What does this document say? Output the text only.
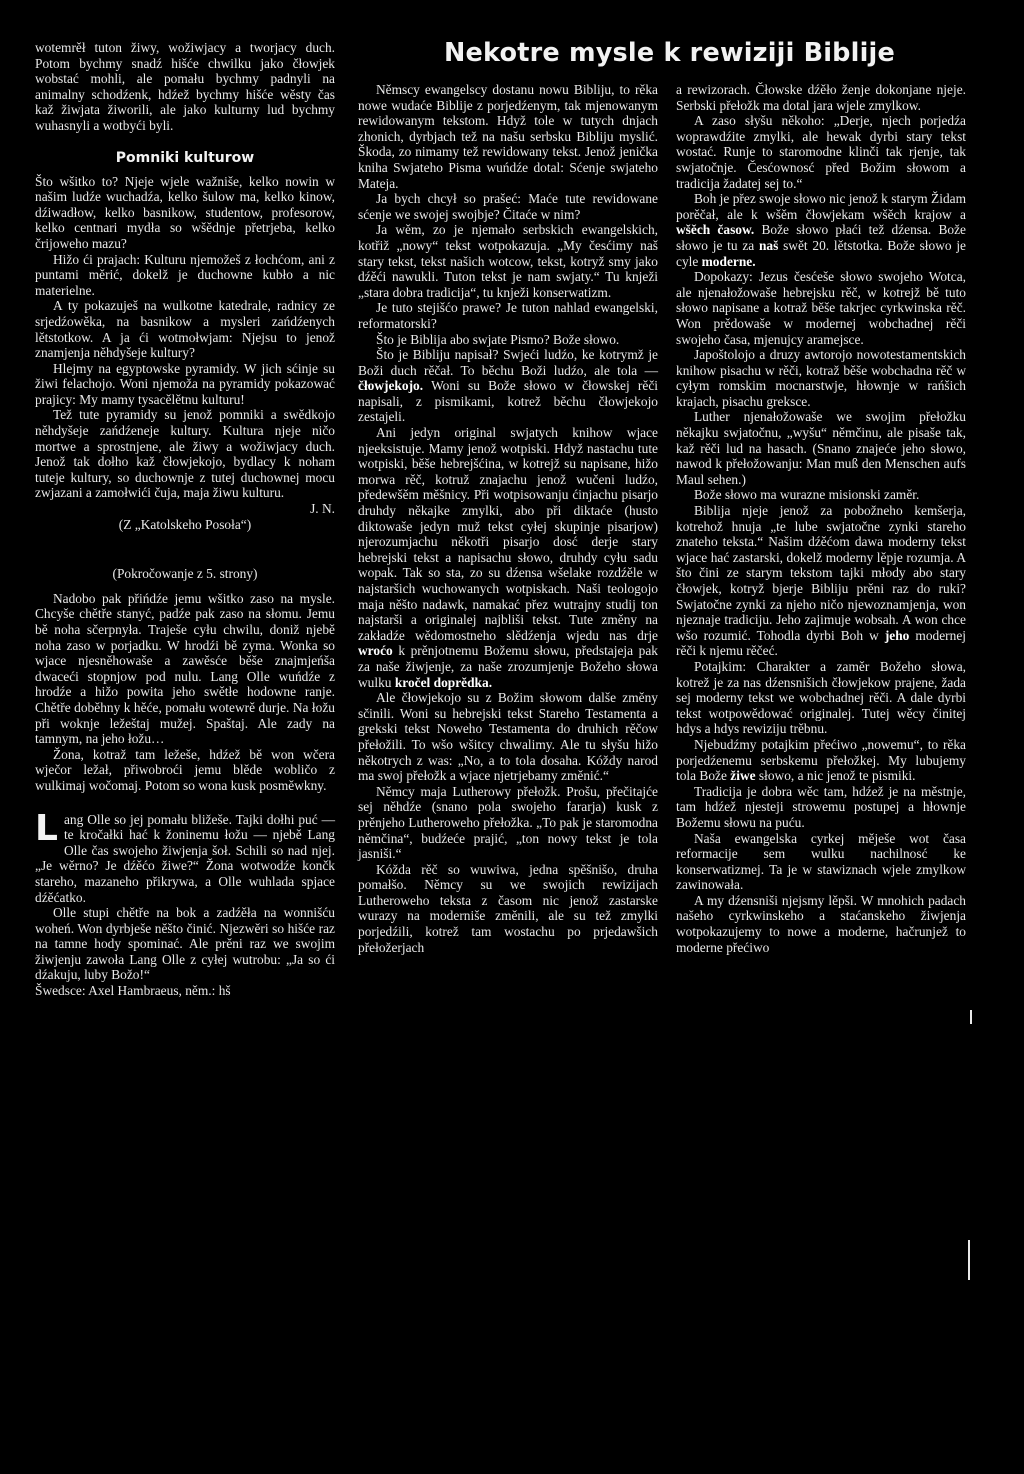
wotemrěł tuton žiwy, wožiwjacy a tworjacy duch. Potom bychmy snadź hišće chwilku jako čłowjek wobstać mohli, ale pomału bychmy padnyli na animalny schodźenk, hdźež bychmy hišće wěsty čas kaž žiwjata žiworili, ale jako kulturny lud bychmy wuhasnyli a wotbyći byli.

Pomniki kulturow

Što wšitko to? Njeje wjele wažniše, kelko nowin w našim ludźe wuchadźa, kelko šulow ma, kelko kinow, dźiwadłow, kelko basnikow, studentow, profesorow, kelko centnari mydła so wšědnje přetrjeba, kelko črijoweho mazu?

Hižo ći prajach: Kulturu njemožeš z łochćom, ani z puntami měrić, dokelž je duchowne kubło a nic materielne.

A ty pokazuješ na wulkotne katedrale, radnicy ze srjedźowěka, na basnikow a mysleri zańdźenych lětstotkow. A ja ći wotmołwjam: Njejsu to jenož znamjenja něhdyšeje kultury?

Hlejmy na egyptowske pyramidy. W jich sćinje su žiwi felachojo. Woni njemoža na pyramidy pokazować prajicy: My mamy tysacělětnu kulturu!

Tež tute pyramidy su jenož pomniki a swědkojo něhdyšeje zańdźeneje kultury. Kultura njeje ničo mortwe a sprostnjene, ale žiwy a wožiwjacy duch. Jenož tak dołho kaž čłowjekojo, bydlacy k noham tuteje kultury, so duchownje z tutej duchownej mocu zwjazani a zamołwići čuja, maja žiwu kulturu.

J. N.

(Z „Katolskeho Posoła“)

(Pokročowanje z 5. strony)

Nadobo pak přińdźe jemu wšitko zaso na mysle. Chcyše chětře stanyć, padźe pak zaso na słomu. Jemu bě noha sčerpnyła. Traješe cyłu chwilu, doniž njebě noha zaso w porjadku. W hrodźi bě zyma. Wonka so wjace njesněhowaše a zawěsće běše znajmjeńša dwaceći stopnjow pod nulu. Lang Olle wuńdźe z hrodźe a hižo powita jeho swětłe hodowne ranje. Chětře doběhny k hěće, pomału wotewrě durje. Na łožu při woknje ležeštaj mužej. Spaštaj. Ale zady na tamnym, na jeho łožu…

Žona, kotraž tam ležeše, hdźež bě won wčera wječor ležał, přiwobroći jemu blěde wobličo z wulkimaj wočomaj. Potom so wona kusk posměwkny.

L ang Olle so jej pomału bližeše. Tajki dołhi puć — te kročałki hać k žoninemu łožu — njebě Lang Olle čas swojeho žiwjenja šoł. Schili so nad njej. „Je wěrno? Je dźěćo žiwe?“ Žona wotwodźe končk stareho, mazaneho přikrywa, a Olle wuhlada spjace dźěćatko.

Olle stupi chětře na bok a zadźěła na wonnišću woheń. Won dyrbješe něšto činić. Njezwěri so hišće raz na tamne hody spominać. Ale prěni raz we swojim žiwjenju zawoła Lang Olle z cyłej wutrobu: „Ja so ći dźakuju, luby Božo!“

Šwedsce: Axel Hambraeus, něm.: hš

Nekotre mysle k rewiziji Biblije

Němscy ewangelscy dostanu nowu Bibliju, to rěka nowe wudaće Biblije z porjedźenym, tak mjenowanym rewidowanym tekstom. Hdyž tole w tutych dnjach zhonich, dyrbjach tež na našu serbsku Bibliju myslić. Škoda, zo nimamy tež rewidowany tekst. Jenož jenička kniha Swjateho Pisma wuńdźe dotal: Sćenje swjateho Mateja.

Ja bych chcył so prašeć: Maće tute rewidowane sćenje we swojej swojbje? Čitaće w nim?

Ja wěm, zo je njemało serbskich ewangelskich, kotřiž „nowy“ tekst wotpokazuja. „My česćimy naš stary tekst, tekst našich wotcow, tekst, kotryž smy jako dźěći nawukli. Tuton tekst je nam swjaty.“ Tu knježi „stara dobra tradicija“, tu knježi konserwatizm.

Je tuto stejišćo prawe? Je tuton nahlad ewangelski, reformatorski?

Što je Biblija abo swjate Pismo? Bože słowo.

Što je Bibliju napisał? Swjeći ludźo, ke kotrymž je Boži duch rěčał. To běchu Boži ludźo, ale tola — čłowjekojo. Woni su Bože słowo w čłowskej rěči napisali, z pismikami, kotrež běchu čłowjekojo zestajeli.

Ani jedyn original swjatych knihow wjace njeeksistuje. Mamy jenož wotpiski. Hdyž nastachu tute wotpiski, běše hebrejšćina, w kotrejž su napisane, hižo morwa rěč, kotruž znajachu jenož wučeni ludźo, předewšěm měšnicy. Při wotpisowanju ćinjachu pisarjo druhdy někajke zmylki, abo při diktaće (husto diktowaše jedyn muž tekst cyłej skupinje pisarjow) njerozumjachu někotři pisarjo dosć derje stary hebrejski tekst a napisachu słowo, druhdy cyłu sadu wopak. Tak so sta, zo su dźensa wšelake rozdźěle w najstaršich wuchowanych wotpiskach. Naši teologojo maja něšto nadawk, namakać přez wutrajny studij ton najstarši a originalej najbliši tekst. Tute změny na zakładźe wědomostneho slědźenja wjedu nas drje wroćo k prěnjotnemu Božemu słowu, předstajeja pak za naše žiwjenje, za naše zrozumjenje Božeho słowa wulku kročel doprědka.

Ale čłowjekojo su z Božim słowom dalše změny sčinili. Woni su hebrejski tekst Stareho Testamenta a grekski tekst Noweho Testamenta do druhich rěčow přełožili. To wšo wšitcy chwalimy. Ale tu słyšu hižo někotrych z was: „No, a to tola dosaha. Kóždy narod ma swoj přełožk a wjace njetrjebamy změnić.“

Němcy maja Lutherowy přełožk. Prošu, přečitajće sej něhdźe (snano pola swojeho fararja) kusk z prěnjeho Lutheroweho přełožka. „To pak je staromodna němčina“, budźeće prajić, „ton nowy tekst je tola jasniši.“

Kóžda rěč so wuwiwa, jedna spěšnišo, druha pomałšo. Němcy su we swojich rewizijach Lutheroweho teksta z časom nic jenož zastarske wurazy na moderniše změnili, ale su tež zmylki porjedźili, kotrež tam wostachu po prjedawšich přełožerjach

a rewizorach. Čłowske dźěło ženje dokonjane njeje. Serbski přełožk ma dotal jara wjele zmylkow.

A zaso słyšu někoho: „Derje, njech porjedźa woprawdźite zmylki, ale hewak dyrbi stary tekst wostać. Runje to staromodne klinči tak rjenje, tak swjatočnje. Česćownosć před Božim słowom a tradicija žadatej sej to.“

Boh je přez swoje słowo nic jenož k starym Židam porěčał, ale k wšěm čłowjekam wšěch krajow a wšěch časow. Bože słowo płaći tež dźensa. Bože słowo je tu za naš swět 20. lětstotka. Bože słowo je cyle moderne.

Dopokazy: Jezus česćeše słowo swojeho Wotca, ale njenałožowaše hebrejsku rěč, w kotrejž bě tuto słowo napisane a kotraž běše takrjec cyrkwinska rěč. Won prědowaše w modernej wobchadnej rěči swojeho časa, mjenujcy aramejsce.

Japoštolojo a druzy awtorojo nowotestamentskich knihow pisachu w rěči, kotraž běše wobchadna rěč w cyłym romskim mocnarstwje, hłownje w rańšich krajach, pisachu greksce.

Luther njenałožowaše we swojim přełožku někajku swjatočnu, „wyšu“ němčinu, ale pisaše tak, kaž rěči lud na hasach. (Snano znajeće jeho słowo, nawod k přełožowanju: Man muß den Menschen aufs Maul sehen.)

Bože słowo ma wurazne misionski zaměr.

Biblija njeje jenož za pobožneho kemšerja, kotrehož hnuja „te lube swjatočne zynki stareho znateho teksta.“ Našim dźěćom dawa moderny tekst wjace hać zastarski, dokelž moderny lěpje rozumja. A što čini ze starym tekstom tajki młody abo stary čłowjek, kotryž bjerje Bibliju prěni raz do ruki? Swjatočne zynki za njeho ničo njewoznamjenja, won njeznaje tradiciju. Jeho zajimuje wobsah. A won chce wšo rozumić. Tohodla dyrbi Boh w jeho modernej rěči k njemu rěčeć.

Potajkim: Charakter a zaměr Božeho słowa, kotrež je za nas dźensnišich čłowjekow prajene, žada sej moderny tekst we wobchadnej rěči. A dale dyrbi tekst wotpowědować originalej. Tutej wěcy činitej hdys a hdys rewiziju trěbnu.

Njebudźmy potajkim přećiwo „nowemu“, to rěka porjedźenemu serbskemu přełožkej. My lubujemy tola Bože žiwe słowo, a nic jenož te pismiki.

Tradicija je dobra wěc tam, hdźež je na městnje, tam hdźež njesteji strowemu postupej a hłownje Božemu słowu na puću.

Naša ewangelska cyrkej měješe wot časa reformacije sem wulku nachilnosć ke konserwatizmej. Ta je w stawiznach wjele zmylkow zawinowała.

A my dźensniši njejsmy lěpši. W mnohich padach našeho cyrkwinskeho a staćanskeho žiwjenja wotpokazujemy to nowe a moderne, hačrunjež to moderne přećiwo
